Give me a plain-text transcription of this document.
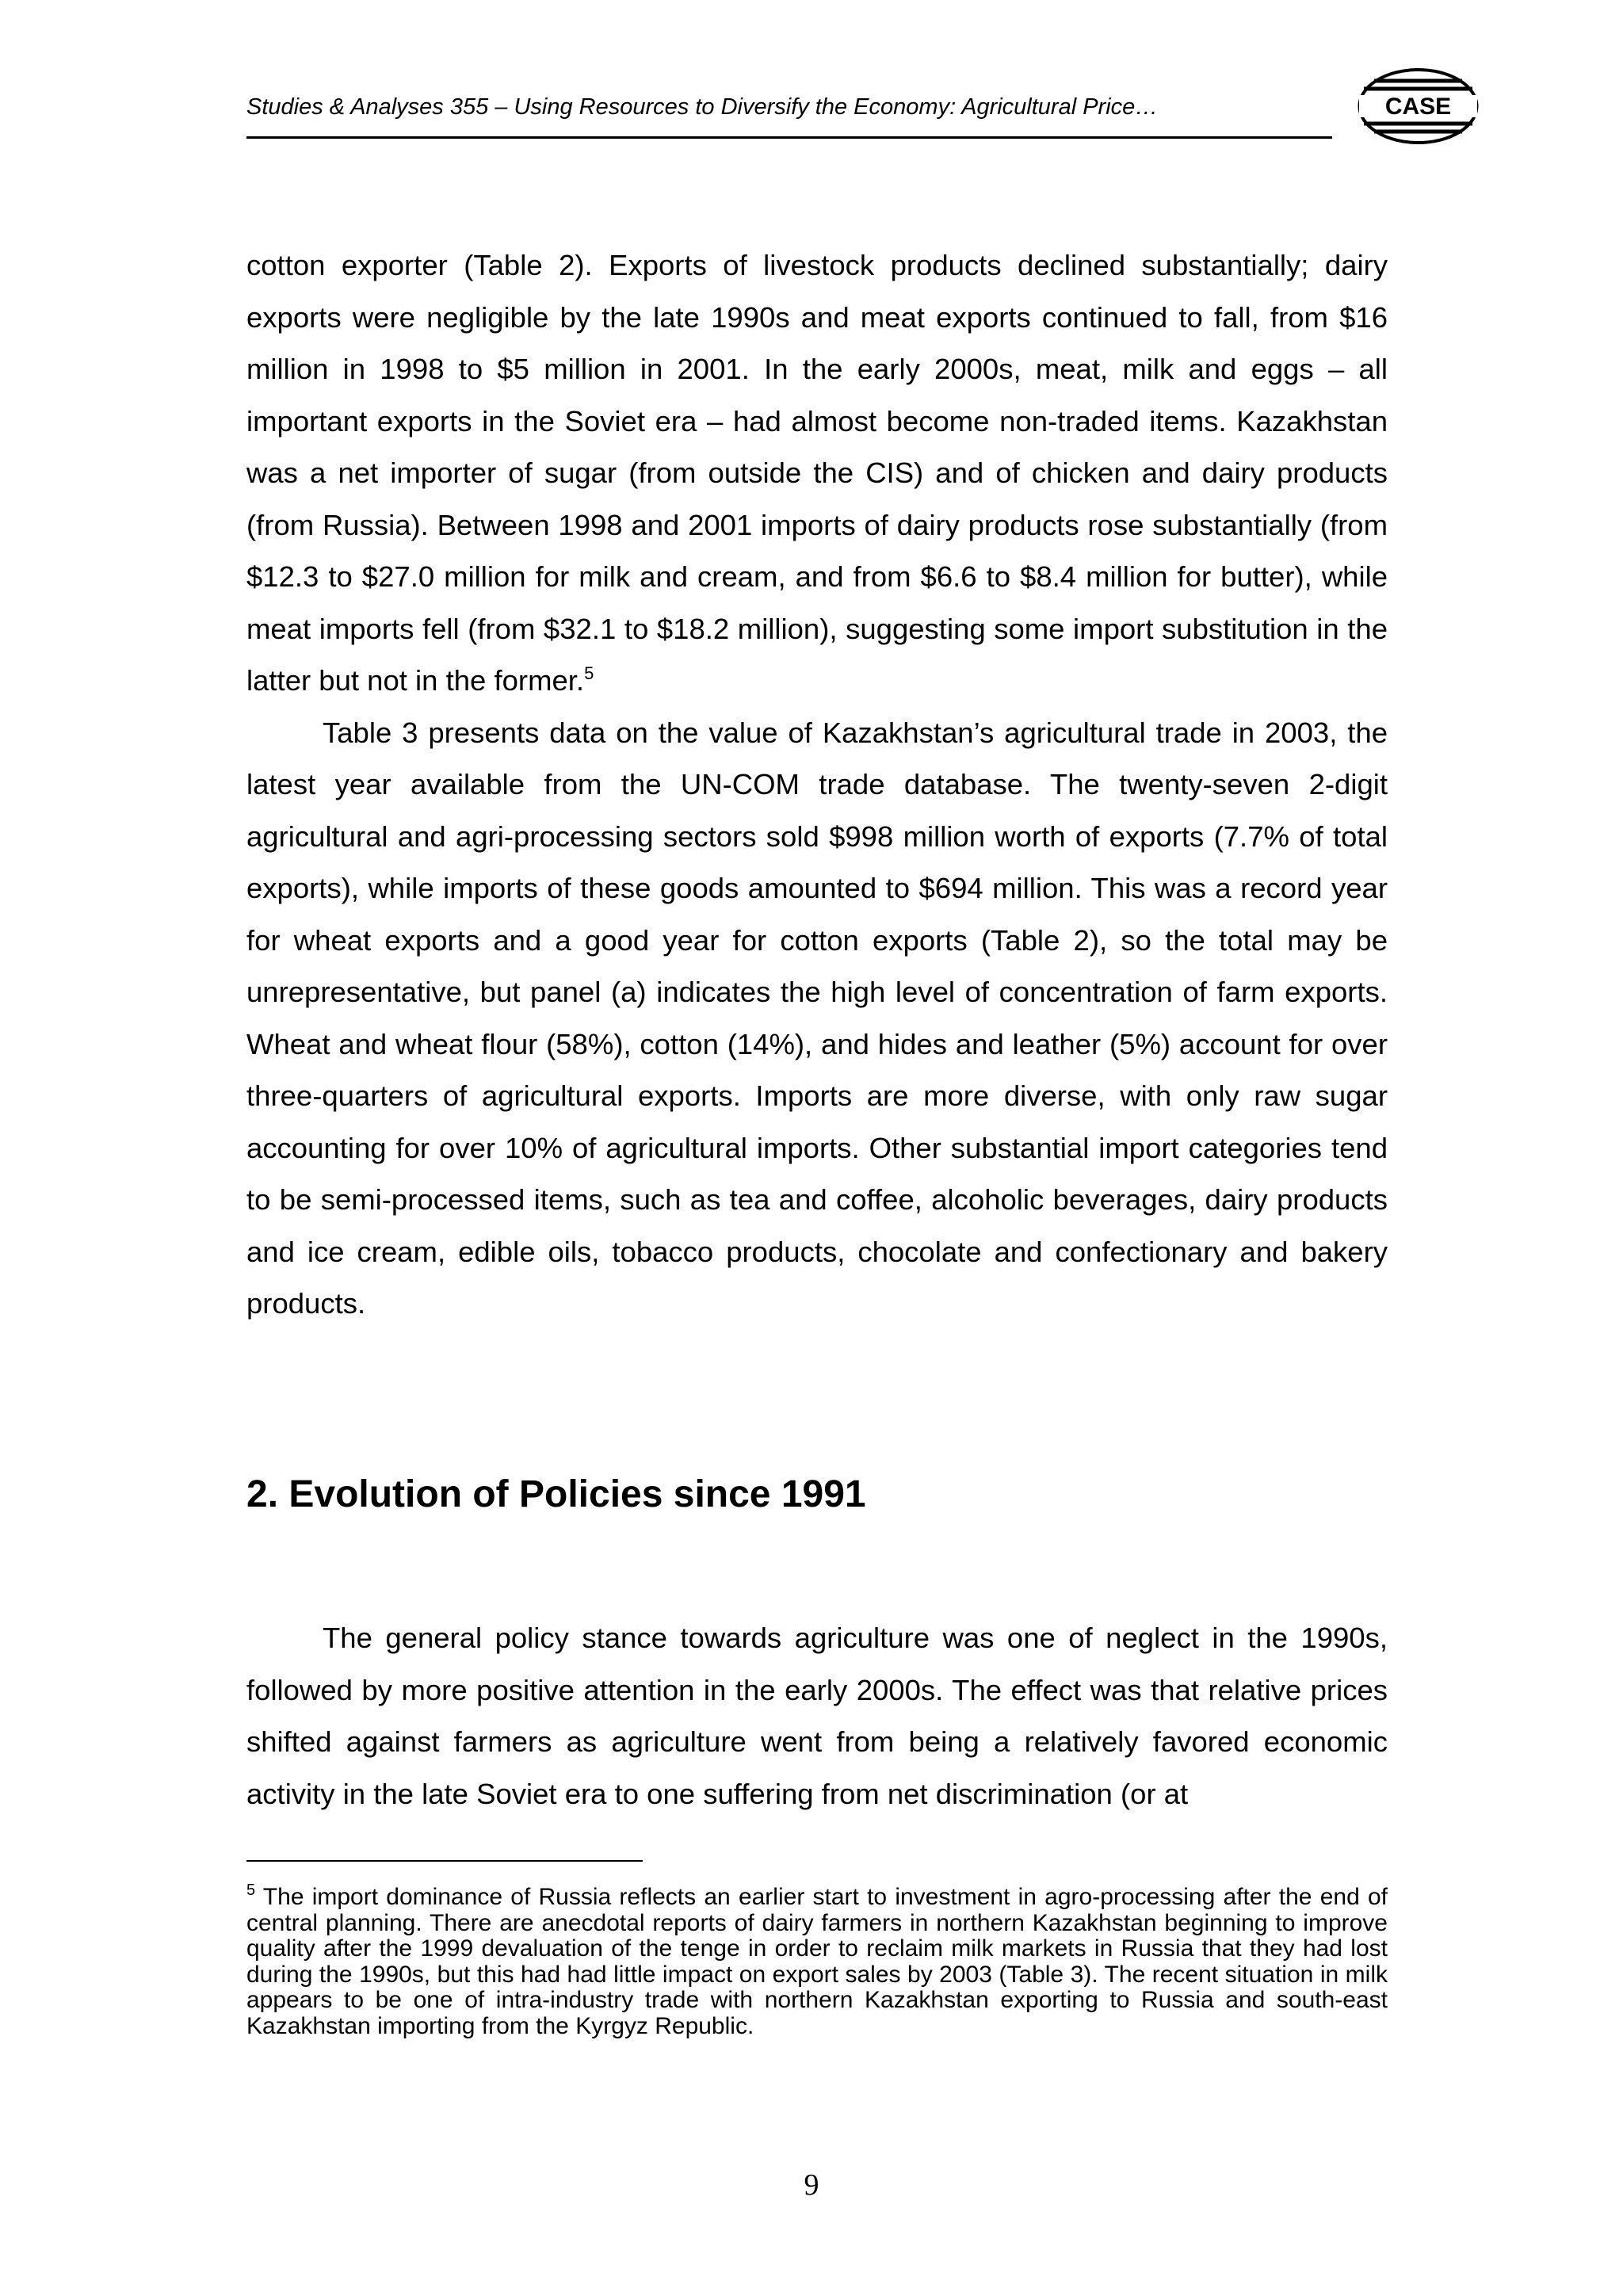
Studies & Analyses 355 – Using Resources to Diversify the Economy: Agricultural Price…	CASE

cotton exporter (Table 2). Exports of livestock products declined substantially; dairy exports were negligible by the late 1990s and meat exports continued to fall, from $16 million in 1998 to $5 million in 2001. In the early 2000s, meat, milk and eggs – all important exports in the Soviet era – had almost become non-traded items. Kazakhstan was a net importer of sugar (from outside the CIS) and of chicken and dairy products (from Russia). Between 1998 and 2001 imports of dairy products rose substantially (from $12.3 to $27.0 million for milk and cream, and from $6.6 to $8.4 million for butter), while meat imports fell (from $32.1 to $18.2 million), suggesting some import substitution in the latter but not in the former.$^5$

Table 3 presents data on the value of Kazakhstan’s agricultural trade in 2003, the latest year available from the UN-COM trade database. The twenty-seven 2-digit agricultural and agri-processing sectors sold $998 million worth of exports (7.7% of total exports), while imports of these goods amounted to $694 million. This was a record year for wheat exports and a good year for cotton exports (Table 2), so the total may be unrepresentative, but panel (a) indicates the high level of concentration of farm exports. Wheat and wheat flour (58%), cotton (14%), and hides and leather (5%) account for over three-quarters of agricultural exports. Imports are more diverse, with only raw sugar accounting for over 10% of agricultural imports. Other substantial import categories tend to be semi-processed items, such as tea and coffee, alcoholic beverages, dairy products and ice cream, edible oils, tobacco products, chocolate and confectionary and bakery products.

2. Evolution of Policies since 1991

The general policy stance towards agriculture was one of neglect in the 1990s, followed by more positive attention in the early 2000s. The effect was that relative prices shifted against farmers as agriculture went from being a relatively favored economic activity in the late Soviet era to one suffering from net discrimination (or at

$^5$ The import dominance of Russia reflects an earlier start to investment in agro-processing after the end of central planning. There are anecdotal reports of dairy farmers in northern Kazakhstan beginning to improve quality after the 1999 devaluation of the tenge in order to reclaim milk markets in Russia that they had lost during the 1990s, but this had had little impact on export sales by 2003 (Table 3). The recent situation in milk appears to be one of intra-industry trade with northern Kazakhstan exporting to Russia and south-east Kazakhstan importing from the Kyrgyz Republic.

9
